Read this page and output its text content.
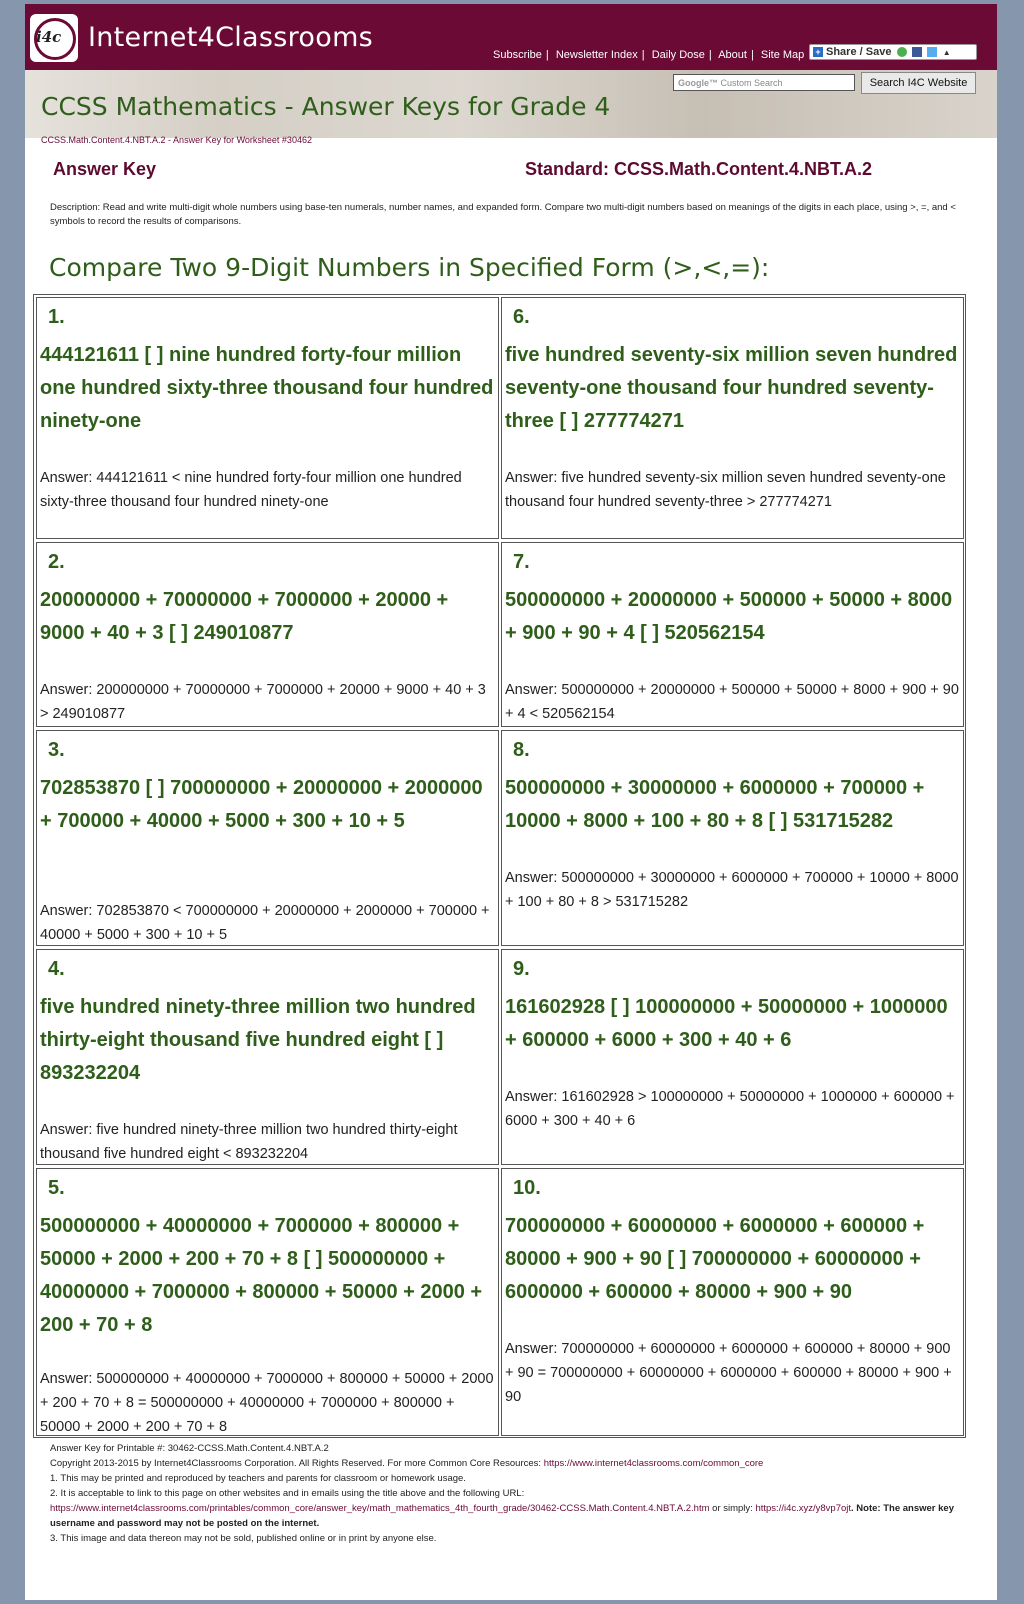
i4c Internet4Classrooms
Subscribe | Newsletter Index | Daily Dose | About | Site Map	+ Share / Save	▲
Google™ Custom Search	Search I4C Website
CCSS Mathematics - Answer Keys for Grade 4
CCSS.Math.Content.4.NBT.A.2 - Answer Key for Worksheet #30462
Answer Key	Standard: CCSS.Math.Content.4.NBT.A.2
Description: Read and write multi-digit whole numbers using base-ten numerals, number names, and expanded form. Compare two multi-digit numbers based on meanings of the digits in each place, using >, =, and < symbols to record the results of comparisons.
Compare Two 9-Digit Numbers in Specified Form (>,<,=):
1.
444121611 [ ] nine hundred forty-four million one hundred sixty-three thousand four hundred ninety-one
Answer: 444121611 < nine hundred forty-four million one hundred sixty-three thousand four hundred ninety-one
2.
200000000 + 70000000 + 7000000 + 20000 + 9000 + 40 + 3 [ ] 249010877
Answer: 200000000 + 70000000 + 7000000 + 20000 + 9000 + 40 + 3 > 249010877
3.
702853870 [ ] 700000000 + 20000000 + 2000000 + 700000 + 40000 + 5000 + 300 + 10 + 5
Answer: 702853870 < 700000000 + 20000000 + 2000000 + 700000 + 40000 + 5000 + 300 + 10 + 5
4.
five hundred ninety-three million two hundred thirty-eight thousand five hundred eight [ ] 893232204
Answer: five hundred ninety-three million two hundred thirty-eight thousand five hundred eight < 893232204
5.
500000000 + 40000000 + 7000000 + 800000 + 50000 + 2000 + 200 + 70 + 8 [ ] 500000000 + 40000000 + 7000000 + 800000 + 50000 + 2000 + 200 + 70 + 8
Answer: 500000000 + 40000000 + 7000000 + 800000 + 50000 + 2000 + 200 + 70 + 8 = 500000000 + 40000000 + 7000000 + 800000 + 50000 + 2000 + 200 + 70 + 8
6.
five hundred seventy-six million seven hundred seventy-one thousand four hundred seventy-three [ ] 277774271
Answer: five hundred seventy-six million seven hundred seventy-one thousand four hundred seventy-three > 277774271
7.
500000000 + 20000000 + 500000 + 50000 + 8000 + 900 + 90 + 4 [ ] 520562154
Answer: 500000000 + 20000000 + 500000 + 50000 + 8000 + 900 + 90 + 4 < 520562154
8.
500000000 + 30000000 + 6000000 + 700000 + 10000 + 8000 + 100 + 80 + 8 [ ] 531715282
Answer: 500000000 + 30000000 + 6000000 + 700000 + 10000 + 8000 + 100 + 80 + 8 > 531715282
9.
161602928 [ ] 100000000 + 50000000 + 1000000 + 600000 + 6000 + 300 + 40 + 6
Answer: 161602928 > 100000000 + 50000000 + 1000000 + 600000 + 6000 + 300 + 40 + 6
10.
700000000 + 60000000 + 6000000 + 600000 + 80000 + 900 + 90 [ ] 700000000 + 60000000 + 6000000 + 600000 + 80000 + 900 + 90
Answer: 700000000 + 60000000 + 6000000 + 600000 + 80000 + 900 + 90 = 700000000 + 60000000 + 6000000 + 600000 + 80000 + 900 + 90
Answer Key for Printable #: 30462-CCSS.Math.Content.4.NBT.A.2
Copyright 2013-2015 by Internet4Classrooms Corporation. All Rights Reserved. For more Common Core Resources: https://www.internet4classrooms.com/common_core
1. This may be printed and reproduced by teachers and parents for classroom or homework usage.
2. It is acceptable to link to this page on other websites and in emails using the title above and the following URL:
https://www.internet4classrooms.com/printables/common_core/answer_key/math_mathematics_4th_fourth_grade/30462-CCSS.Math.Content.4.NBT.A.2.htm or simply: https://i4c.xyz/y8vp7ojt. Note: The answer key username and password may not be posted on the internet.
3. This image and data thereon may not be sold, published online or in print by anyone else.
